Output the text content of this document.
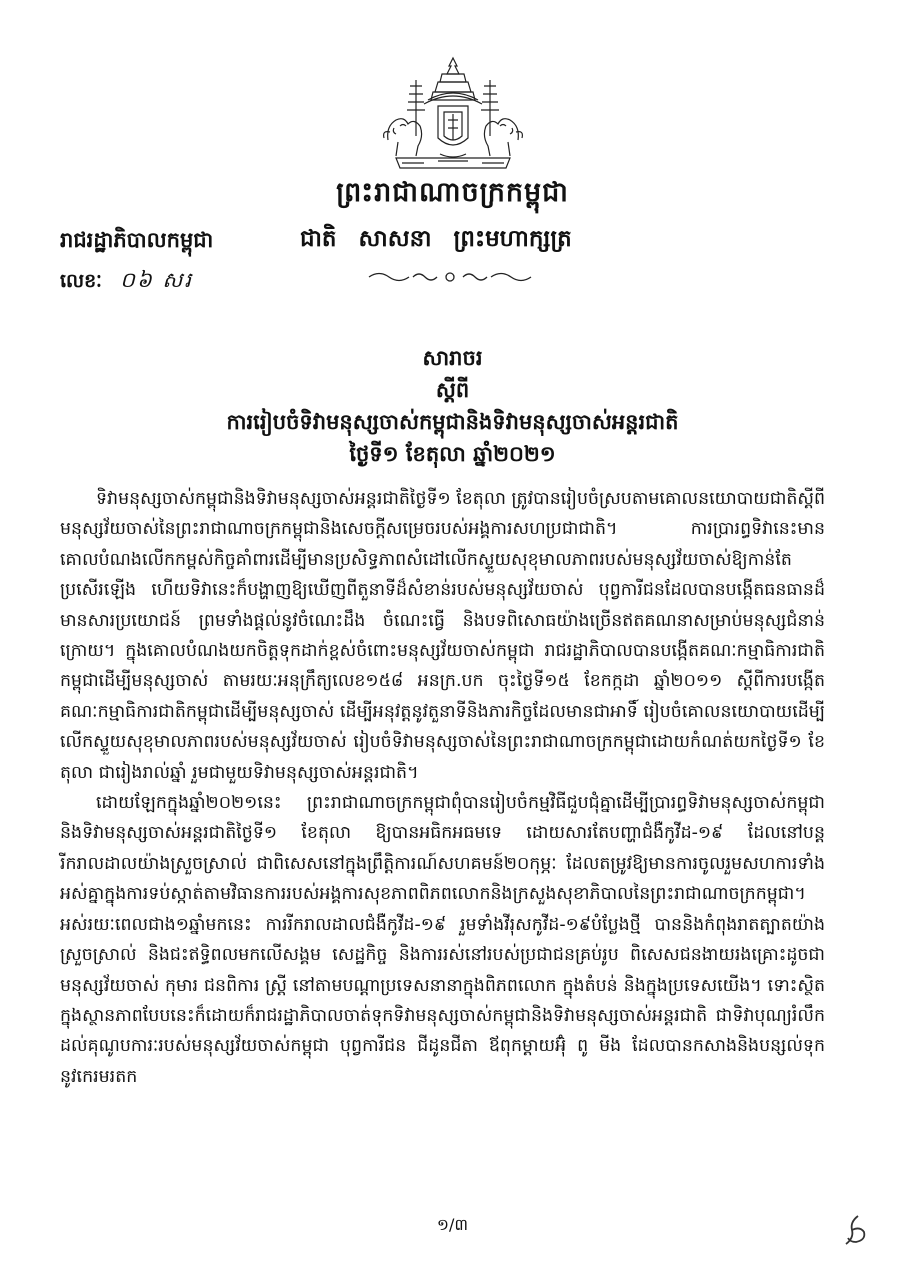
ព្រះរាជាណាចក្រកម្ពុជា
រាជរដ្ឋាភិបាលកម្ពុជា	ជាតិ សាសនា ព្រះមហាក្សត្រ
លេខៈ ០៦ សរ
សារាចរ
ស្ដីពី
ការរៀបចំទិវាមនុស្សចាស់កម្ពុជានិងទិវាមនុស្សចាស់អន្តរជាតិ
ថ្ងៃទី១ ខែតុលា ឆ្នាំ២០២១

ទិវាមនុស្សចាស់កម្ពុជានិងទិវាមនុស្សចាស់អន្តរជាតិថ្ងៃទី១ ខែតុលា ត្រូវបានរៀបចំស្របតាមគោលនយោបាយជាតិស្តីពីមនុស្សវ័យចាស់នៃព្រះរាជាណាចក្រកម្ពុជានិងសេចក្តីសម្រេចរបស់អង្គការសហប្រជាជាតិ។ ការប្រារព្ធទិវានេះមានគោលបំណងលើកកម្ពស់កិច្ចគាំពារដើម្បីមានប្រសិទ្ធភាពសំដៅលើកស្ទួយសុខុមាលភាពរបស់មនុស្សវ័យចាស់ឱ្យកាន់តែប្រសើរឡើង ហើយទិវានេះក៏បង្ហាញឱ្យឃើញពីតួនាទីដ៏សំខាន់របស់មនុស្សវ័យចាស់ បុព្វការីជនដែលបានបង្កើតធនធានដ៏មានសារប្រយោជន៍ ព្រមទាំងផ្តល់នូវចំណេះដឹង ចំណេះធ្វើ និងបទពិសោធយ៉ាងច្រើនឥតគណនាសម្រាប់មនុស្សជំនាន់ក្រោយ។ ក្នុងគោលបំណងយកចិត្តទុកដាក់ខ្ពស់ចំពោះមនុស្សវ័យចាស់កម្ពុជា រាជរដ្ឋាភិបាលបានបង្កើតគណៈកម្មាធិការជាតិកម្ពុជាដើម្បីមនុស្សចាស់ តាមរយៈអនុក្រឹត្យលេខ១៥៨ អនក្រ.បក ចុះថ្ងៃទី១៥ ខែកក្កដា ឆ្នាំ២០១១ ស្តីពីការបង្កើតគណៈកម្មាធិការជាតិកម្ពុជាដើម្បីមនុស្សចាស់ ដើម្បីអនុវត្តនូវតួនាទីនិងភារកិច្ចដែលមានជាអាទិ៍ រៀបចំគោលនយោបាយដើម្បីលើកស្ទួយសុខុមាលភាពរបស់មនុស្សវ័យចាស់ រៀបចំទិវាមនុស្សចាស់នៃព្រះរាជាណាចក្រកម្ពុជាដោយកំណត់យកថ្ងៃទី១ ខែតុលា ជារៀងរាល់ឆ្នាំ រួមជាមួយទិវាមនុស្សចាស់អន្តរជាតិ។

ដោយឡែកក្នុងឆ្នាំ២០២១នេះ ព្រះរាជាណាចក្រកម្ពុជាពុំបានរៀបចំកម្មវិធីជួបជុំគ្នាដើម្បីប្រារព្ធទិវាមនុស្សចាស់កម្ពុជានិងទិវាមនុស្សចាស់អន្តរជាតិថ្ងៃទី១ ខែតុលា ឱ្យបានអធិកអធមទេ ដោយសារតែបញ្ហាជំងឺកូវីដ-១៩ ដែលនៅបន្តរីករាលដាលយ៉ាងស្រួចស្រាល់ ជាពិសេសនៅក្នុងព្រឹត្តិការណ៍សហគមន៍២០កុម្ភៈ ដែលតម្រូវឱ្យមានការចូលរួមសហការទាំងអស់គ្នាក្នុងការទប់ស្កាត់តាមវិធានការរបស់អង្គការសុខភាពពិភពលោកនិងក្រសួងសុខាភិបាលនៃព្រះរាជាណាចក្រកម្ពុជា។ អស់រយៈពេលជាង១ឆ្នាំមកនេះ ការរីករាលដាលជំងឺកូវីដ-១៩ រួមទាំងវីរុសកូវីដ-១៩បំប្លែងថ្មី បាននិងកំពុងរាតត្បាតយ៉ាងស្រួចស្រាល់ និងជះឥទ្ធិពលមកលើសង្គម សេដ្ឋកិច្ច និងការរស់នៅរបស់ប្រជាជនគ្រប់រូប ពិសេសជនងាយរងគ្រោះដូចជា មនុស្សវ័យចាស់ កុមារ ជនពិការ ស្ត្រី នៅតាមបណ្តាប្រទេសនានាក្នុងពិភពលោក ក្នុងតំបន់ និងក្នុងប្រទេសយើង។ ទោះស្ថិតក្នុងស្ថានភាពបែបនេះក៏ដោយក៏រាជរដ្ឋាភិបាលចាត់ទុកទិវាមនុស្សចាស់កម្ពុជានិងទិវាមនុស្សចាស់អន្តរជាតិ ជាទិវាបុណ្យរំលឹកដល់គុណូបការៈរបស់មនុស្សវ័យចាស់កម្ពុជា បុព្វការីជន ជីដូនជីតា ឪពុកម្តាយអ៊ុំ ពូ មីង ដែលបានកសាងនិងបន្សល់ទុកនូវកេរមរតក

១/៣
